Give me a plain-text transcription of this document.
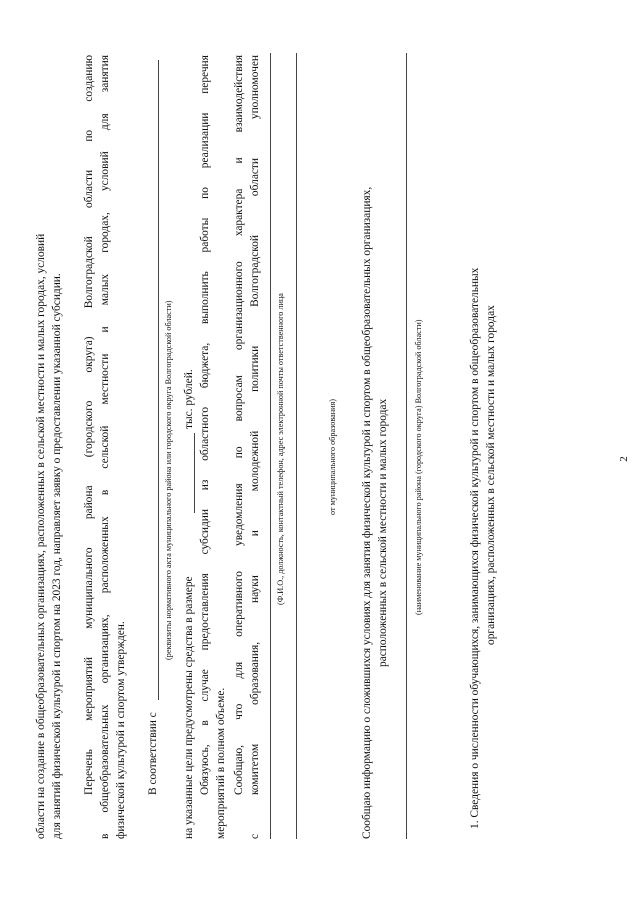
2
области на создание в общеобразовательных организациях, расположенных в сельской местности и малых городах, условий для занятий физической культурой и спортом на 2023 год, направляет заявку о предоставлении указанной субсидии. Перечень
мероприятий
муниципального
района
(городского
округа)
Волгоградской
области
по
созданию
в
общеобразовательных
организациях,
расположенных
в
сельской
местности
и
малых
городах,
условий
для
занятия
физической культурой и спортом утвержден. В соответствии с
(реквизиты нормативного акта муниципального района или городского округа Волгоградской области)
на указанные цели предусмотрены средства в размере
тыс. рублей.
Обязуюсь,
в
случае
предоставления
субсидии
из
областного
бюджета,
выполнить
работы
по
реализации
перечня
мероприятий в полном объеме. Сообщаю,
что
для
оперативного
уведомления
по
вопросам
организационного
характера
и
взаимодействия
с
комитетом
образования,
науки
и
молодежной
политики
Волгоградской
области
уполномочен
(Ф.И.О., должность, контактный телефон, адрес электронной почты ответственного лица	от муниципального образования) Сообщаю информацию о сложившихся условиях для занятия физической культурой и спортом в общеобразовательных организациях, расположенных в сельской местности и малых городах	(наименование муниципального района (городского округа) Волгоградской области)	1. Сведения о численности обучающихся, занимающихся физической культурой и спортом в общеобразовательных организациях, расположенных в сельской местности и малых городах
